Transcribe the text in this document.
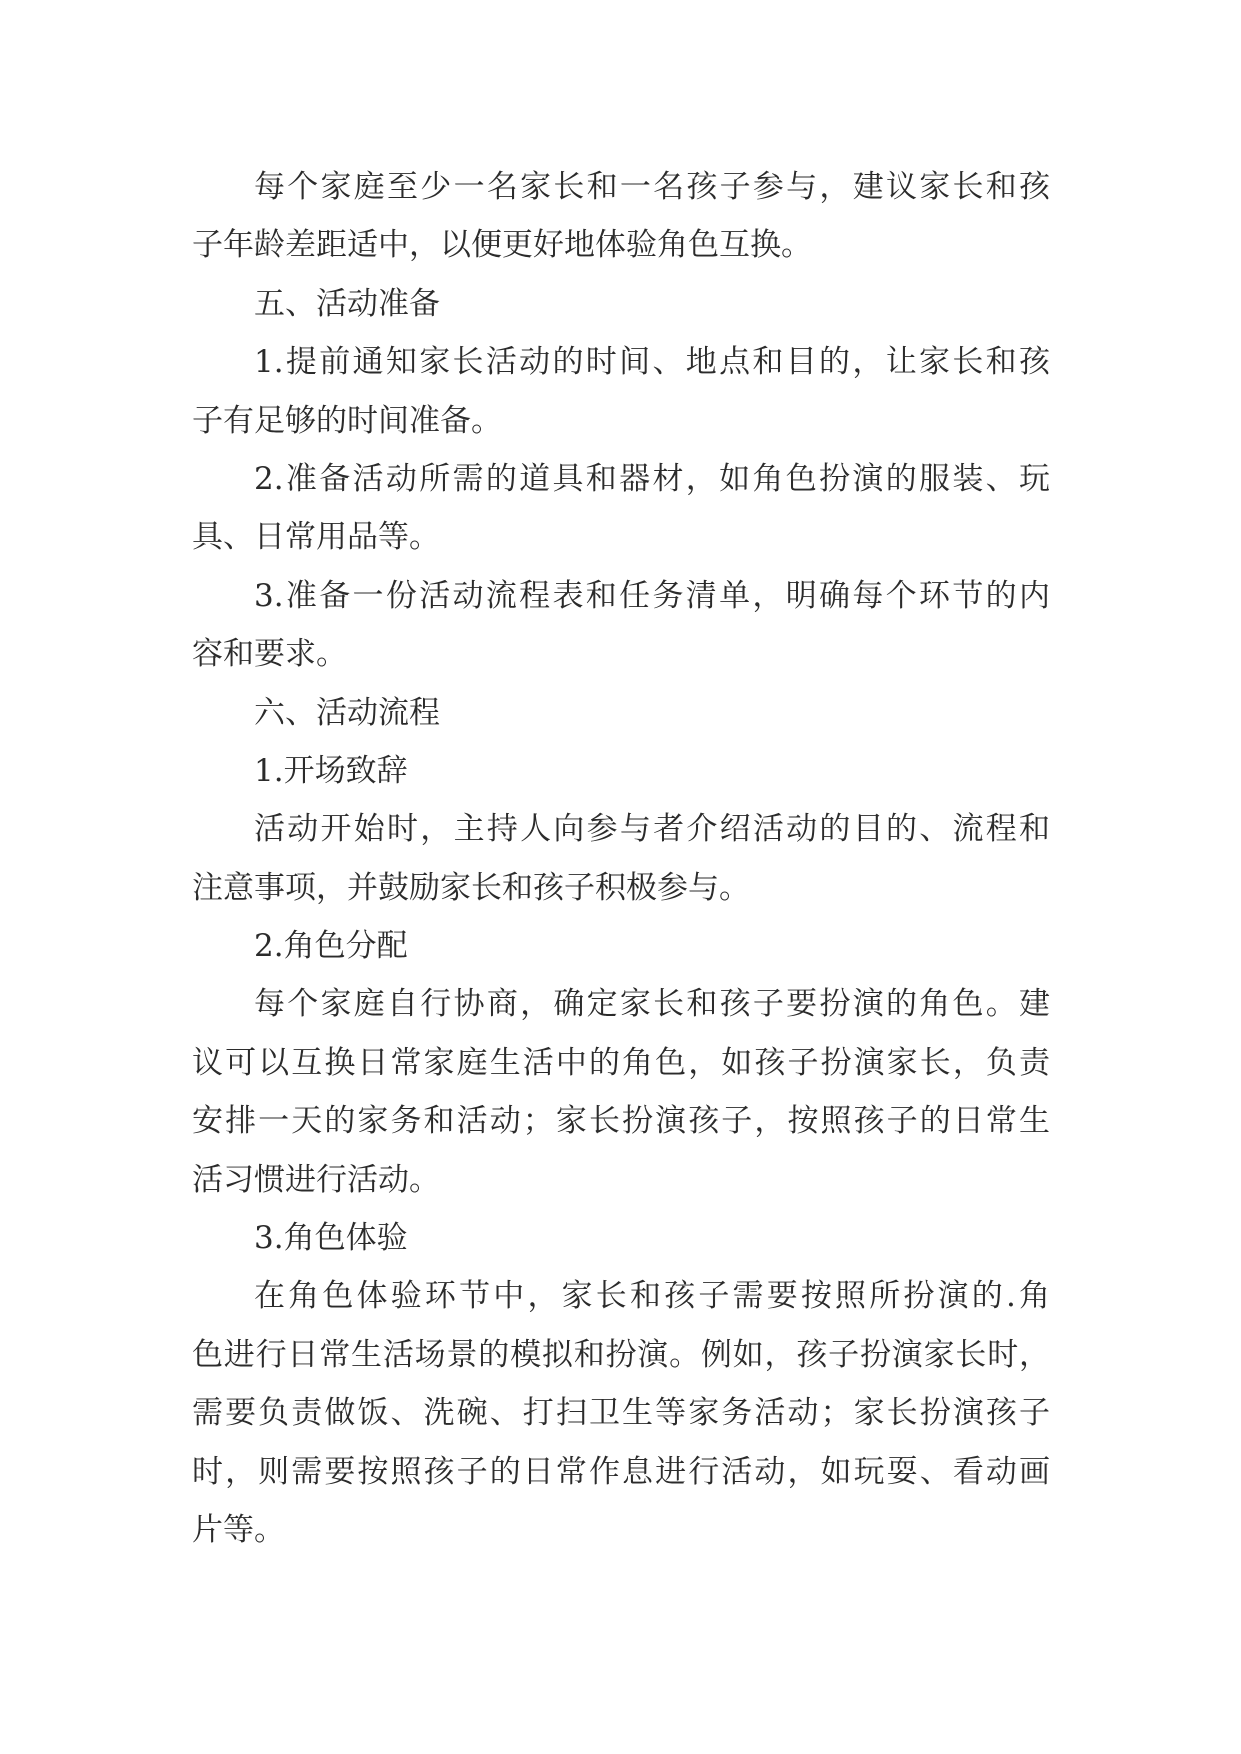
每个家庭至少一名家长和一名孩子参与，建议家长和孩
子年龄差距适中，以便更好地体验角色互换。
五、活动准备
1.提前通知家长活动的时间、地点和目的，让家长和孩
子有足够的时间准备。
2.准备活动所需的道具和器材，如角色扮演的服装、玩
具、日常用品等。
3.准备一份活动流程表和任务清单，明确每个环节的内
容和要求。
六、活动流程
1.开场致辞
活动开始时，主持人向参与者介绍活动的目的、流程和
注意事项，并鼓励家长和孩子积极参与。
2.角色分配
每个家庭自行协商，确定家长和孩子要扮演的角色。建
议可以互换日常家庭生活中的角色，如孩子扮演家长，负责
安排一天的家务和活动；家长扮演孩子，按照孩子的日常生
活习惯进行活动。
3.角色体验
在角色体验环节中，家长和孩子需要按照所扮演的.角
色进行日常生活场景的模拟和扮演。例如，孩子扮演家长时，
需要负责做饭、洗碗、打扫卫生等家务活动；家长扮演孩子
时，则需要按照孩子的日常作息进行活动，如玩耍、看动画
片等。
